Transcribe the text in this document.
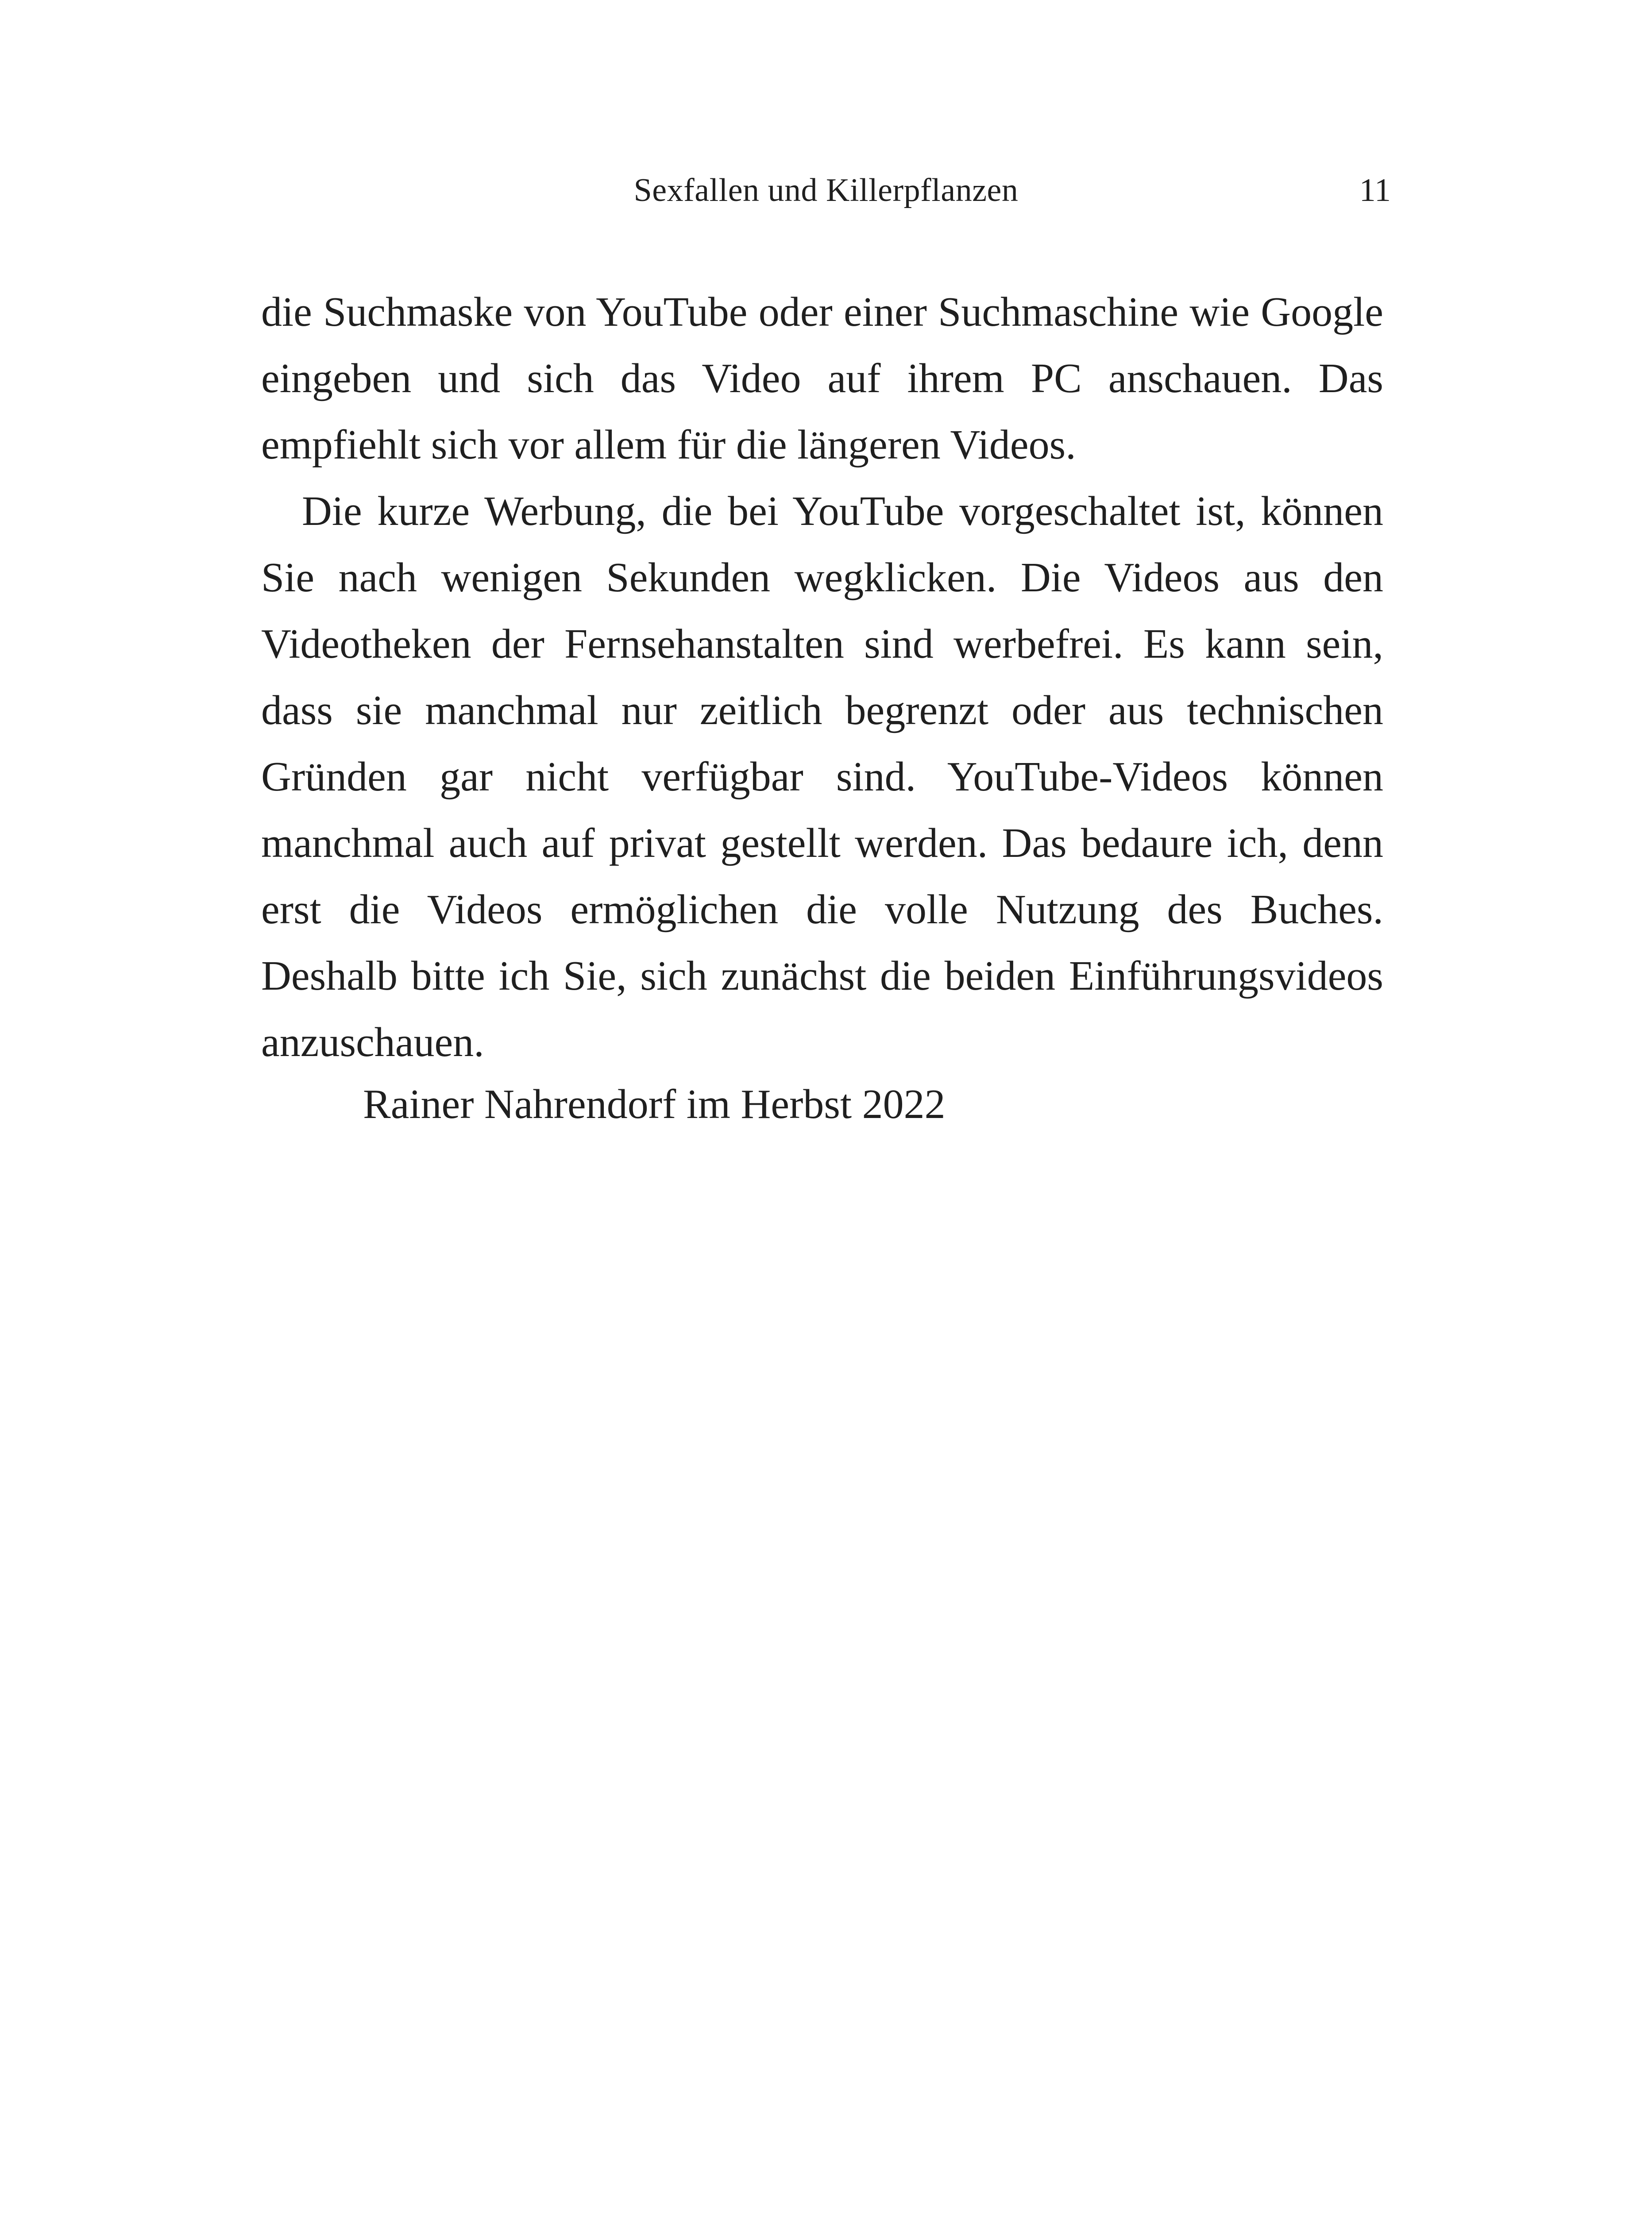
Sexfallen und Killerpflanzen	11

die Suchmaske von YouTube oder einer Suchmaschine wie Google eingeben und sich das Video auf ihrem PC anschauen. Das empfiehlt sich vor allem für die längeren Videos.

Die kurze Werbung, die bei YouTube vorgeschaltet ist, können Sie nach wenigen Sekunden wegklicken. Die Videos aus den Videotheken der Fernsehanstalten sind werbefrei. Es kann sein, dass sie manchmal nur zeitlich begrenzt oder aus technischen Gründen gar nicht verfügbar sind. YouTube-Videos können manchmal auch auf privat gestellt werden. Das bedaure ich, denn erst die Videos ermöglichen die volle Nutzung des Buches. Deshalb bitte ich Sie, sich zunächst die beiden Einführungsvideos anzuschauen.

Rainer Nahrendorf im Herbst 2022
